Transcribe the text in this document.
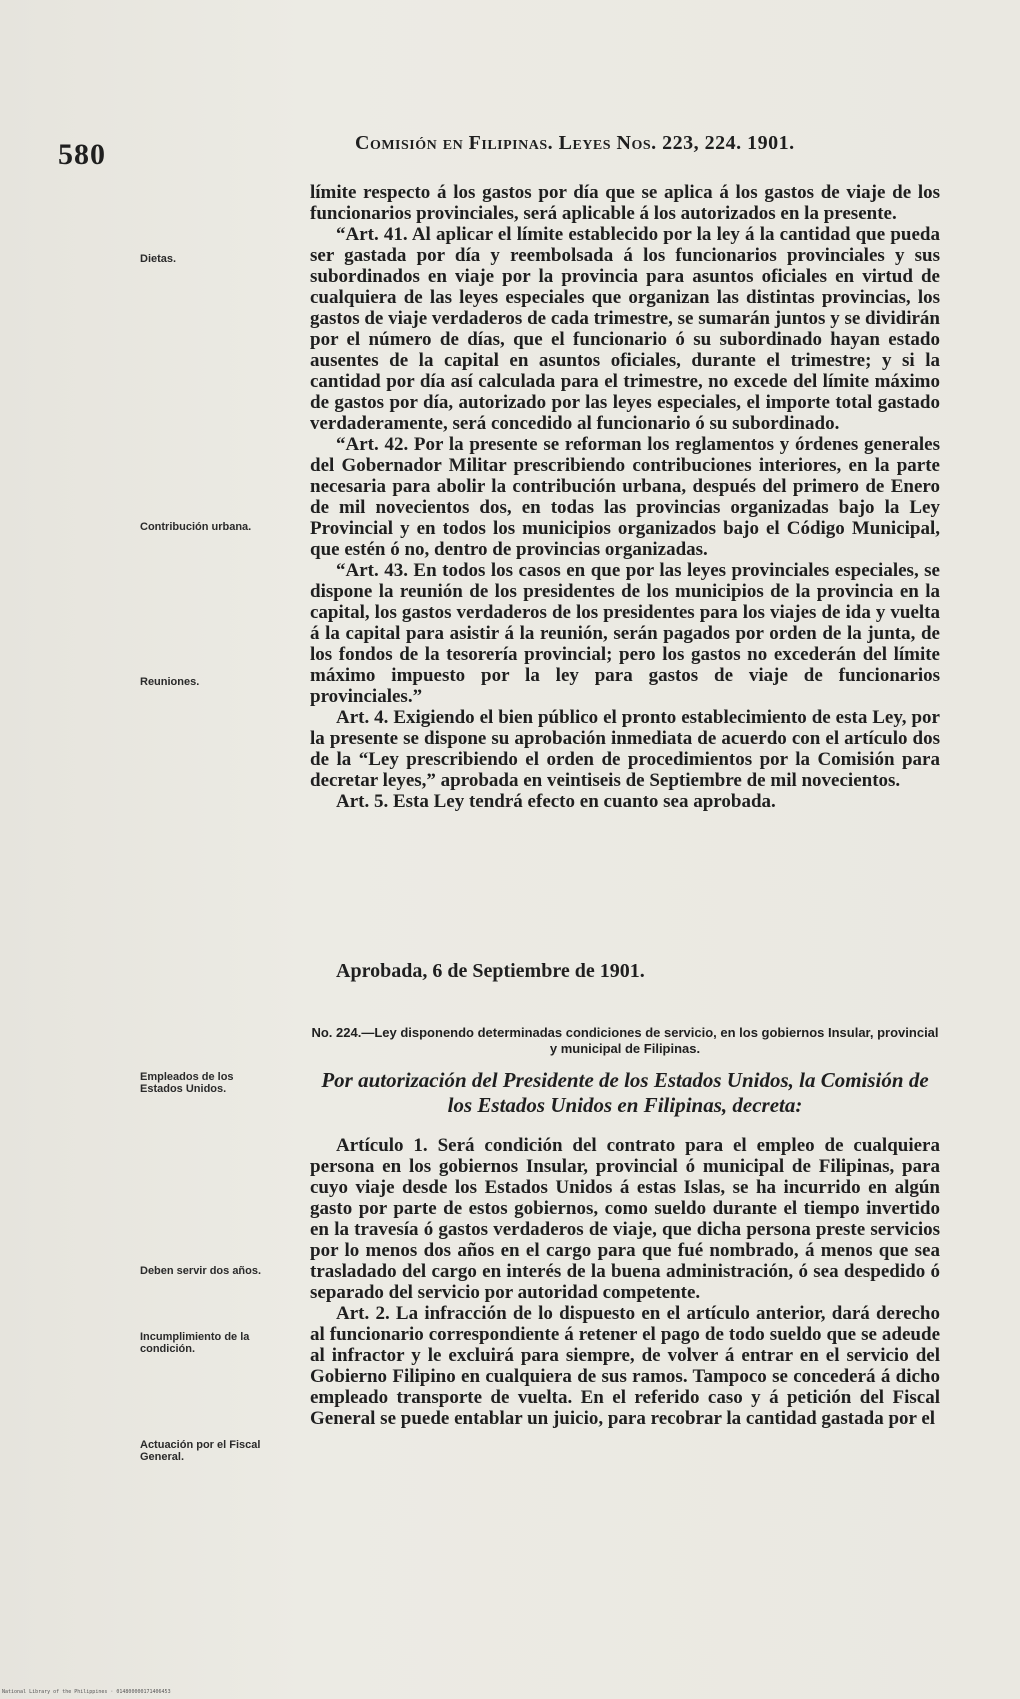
580	Comisión en Filipinas. Leyes Nos. 223, 224. 1901.
Dietas.
Contribución urbana.
Reuniones.
Empleados de los Estados Unidos.
Deben servir dos años.
Incumplimiento de la condición.
Actuación por el Fiscal General.

límite respecto á los gastos por día que se aplica á los gastos de viaje de los funcionarios provinciales, será aplicable á los autorizados en la presente.

“Art. 41. Al aplicar el límite establecido por la ley á la cantidad que pueda ser gastada por día y reembolsada á los funcionarios provinciales y sus subordinados en viaje por la provincia para asuntos oficiales en virtud de cualquiera de las leyes especiales que organizan las distintas provincias, los gastos de viaje verdaderos de cada trimestre, se sumarán juntos y se dividirán por el número de días, que el funcionario ó su subordinado hayan estado ausentes de la capital en asuntos oficiales, durante el trimestre; y si la cantidad por día así calculada para el trimestre, no excede del límite máximo de gastos por día, autorizado por las leyes especiales, el importe total gastado verdaderamente, será concedido al funcionario ó su subordinado.

“Art. 42. Por la presente se reforman los reglamentos y órdenes generales del Gobernador Militar prescribiendo contribuciones interiores, en la parte necesaria para abolir la contribución urbana, después del primero de Enero de mil novecientos dos, en todas las provincias organizadas bajo la Ley Provincial y en todos los municipios organizados bajo el Código Municipal, que estén ó no, dentro de provincias organizadas.

“Art. 43. En todos los casos en que por las leyes provinciales especiales, se dispone la reunión de los presidentes de los municipios de la provincia en la capital, los gastos verdaderos de los presidentes para los viajes de ida y vuelta á la capital para asistir á la reunión, serán pagados por orden de la junta, de los fondos de la tesorería provincial; pero los gastos no excederán del límite máximo impuesto por la ley para gastos de viaje de funcionarios provinciales.”

Art. 4. Exigiendo el bien público el pronto establecimiento de esta Ley, por la presente se dispone su aprobación inmediata de acuerdo con el artículo dos de la “Ley prescribiendo el orden de procedimientos por la Comisión para decretar leyes,” aprobada en veintiseis de Septiembre de mil novecientos.

Art. 5. Esta Ley tendrá efecto en cuanto sea aprobada.

Aprobada, 6 de Septiembre de 1901.
No. 224.—Ley disponendo determinadas condiciones de servicio, en los gobiernos Insular, provincial y municipal de Filipinas.
Por autorización del Presidente de los Estados Unidos, la Comisión de los Estados Unidos en Filipinas, decreta:

Artículo 1. Será condición del contrato para el empleo de cualquiera persona en los gobiernos Insular, provincial ó municipal de Filipinas, para cuyo viaje desde los Estados Unidos á estas Islas, se ha incurrido en algún gasto por parte de estos gobiernos, como sueldo durante el tiempo invertido en la travesía ó gastos verdaderos de viaje, que dicha persona preste servicios por lo menos dos años en el cargo para que fué nombrado, á menos que sea trasladado del cargo en interés de la buena administración, ó sea despedido ó separado del servicio por autoridad competente.

Art. 2. La infracción de lo dispuesto en el artículo anterior, dará derecho al funcionario correspondiente á retener el pago de todo sueldo que se adeude al infractor y le excluirá para siempre, de volver á entrar en el servicio del Gobierno Filipino en cualquiera de sus ramos. Tampoco se concederá á dicho empleado transporte de vuelta. En el referido caso y á petición del Fiscal General se puede entablar un juicio, para recobrar la cantidad gastada por el

National Library of the Philippines · 014800000171406453
